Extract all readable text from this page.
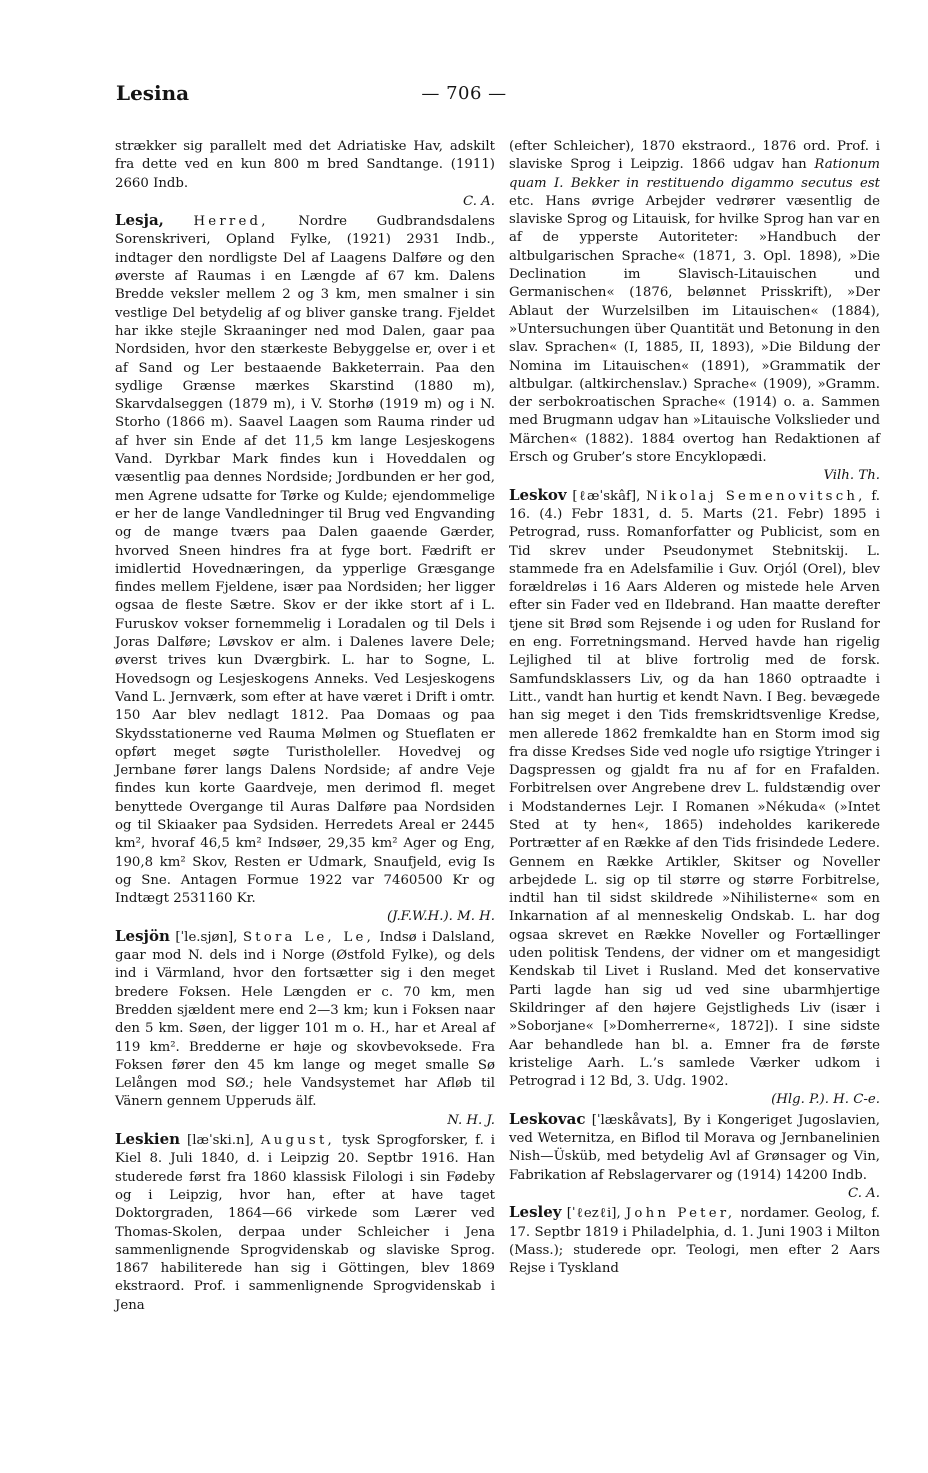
Lesina	— 706 —

strækker sig parallelt med det Adriatiske Hav, adskilt fra dette ved en kun 800 m bred Sandtange. (1911) 2660 Indb.
C. A.

Lesja, Herred, Nordre Gudbrandsdalens Sorenskriveri, Opland Fylke, (1921) 2931 Indb., indtager den nordligste Del af Laagens Dalføre og den øverste af Raumas i en Længde af 67 km. Dalens Bredde veksler mellem 2 og 3 km, men smalner i sin vestlige Del betydelig af og bliver ganske trang. Fjeldet har ikke stejle Skraaninger ned mod Dalen, gaar paa Nordsiden, hvor den stærkeste Bebyggelse er, over i et af Sand og Ler bestaaende Bakketerrain. Paa den sydlige Grænse mærkes Skarstind (1880 m), Skarvdalseggen (1879 m), i V. Storhø (1919 m) og i N. Storho (1866 m). Saavel Laagen som Rauma rinder ud af hver sin Ende af det 11,5 km lange Lesjeskogens Vand. Dyrkbar Mark findes kun i Hoveddalen og væsentlig paa dennes Nordside; Jordbunden er her god, men Agrene udsatte for Tørke og Kulde; ejendommelige er her de lange Vandledninger til Brug ved Engvanding og de mange tværs paa Dalen gaaende Gærder, hvorved Sneen hindres fra at fyge bort. Fædrift er imidlertid Hovednæringen, da ypperlige Græsgange findes mellem Fjeldene, især paa Nordsiden; her ligger ogsaa de fleste Sætre. Skov er der ikke stort af i L. Furuskov vokser fornemmelig i Loradalen og til Dels i Joras Dalføre; Løvskov er alm. i Dalenes lavere Dele; øverst trives kun Dværgbirk. L. har to Sogne, L. Hovedsogn og Lesjeskogens Anneks. Ved Lesjeskogens Vand L. Jernværk, som efter at have været i Drift i omtr. 150 Aar blev nedlagt 1812. Paa Domaas og paa Skydsstationerne ved Rauma Mølmen og Stueflaten er opført meget søgte Turistholeller. Hovedvej og Jernbane fører langs Dalens Nordside; af andre Veje findes kun korte Gaardveje, men derimod fl. meget benyttede Overgange til Auras Dalføre paa Nordsiden og til Skiaaker paa Sydsiden. Herredets Areal er 2445 km², hvoraf 46,5 km² Indsøer, 29,35 km² Ager og Eng, 190,8 km² Skov, Resten er Udmark, Snaufjeld, evig Is og Sne. Antagen Formue 1922 var 7460500 Kr og Indtægt 2531160 Kr.
(J.F.W.H.). M. H.

Lesjön [ˈle.sjøn], Stora Le, Le, Indsø i Dalsland, gaar mod N. dels ind i Norge (Østfold Fylke), og dels ind i Värmland, hvor den fortsætter sig i den meget bredere Foksen. Hele Længden er c. 70 km, men Bredden sjældent mere end 2—3 km; kun i Foksen naar den 5 km. Søen, der ligger 101 m o. H., har et Areal af 119 km². Bredderne er høje og skovbevoksede. Fra Foksen fører den 45 km lange og meget smalle Sø Lelången mod SØ.; hele Vandsystemet har Afløb til Vänern gennem Upperuds älf.
N. H. J.

Leskien [læˈski.n], August, tysk Sprogforsker, f. i Kiel 8. Juli 1840, d. i Leipzig 20. Septbr 1916. Han studerede først fra 1860 klassisk Filologi i sin Fødeby og i Leipzig, hvor han, efter at have taget Doktorgraden, 1864—66 virkede som Lærer ved Thomas-Skolen, derpaa under Schleicher i Jena sammenlignende Sprogvidenskab og slaviske Sprog. 1867 habiliterede han sig i Göttingen, blev 1869 ekstraord. Prof. i sammenlignende Sprogvidenskab i Jena

(efter Schleicher), 1870 ekstraord., 1876 ord. Prof. i slaviske Sprog i Leipzig. 1866 udgav han Rationum quam I. Bekker in restituendo digammo secutus est etc. Hans øvrige Arbejder vedrører væsentlig de slaviske Sprog og Litauisk, for hvilke Sprog han var en af de ypperste Autoriteter: »Handbuch der altbulgarischen Sprache« (1871, 3. Opl. 1898), »Die Declination im Slavisch-Litauischen und Germanischen« (1876, belønnet Prisskrift), »Der Ablaut der Wurzelsilben im Litauischen« (1884), »Untersuchungen über Quantität und Betonung in den slav. Sprachen« (I, 1885, II, 1893), »Die Bildung der Nomina im Litauischen« (1891), »Grammatik der altbulgar. (altkirchenslav.) Sprache« (1909), »Gramm. der serbokroatischen Sprache« (1914) o. a. Sammen med Brugmann udgav han »Litauische Volkslieder und Märchen« (1882). 1884 overtog han Redaktionen af Ersch og Gruber’s store Encyklopædi.
Vilh. Th.

Leskov [ℓæˈskâf], Nikolaj Semenovitsch, f. 16. (4.) Febr 1831, d. 5. Marts (21. Febr) 1895 i Petrograd, russ. Romanforfatter og Publicist, som en Tid skrev under Pseudonymet Stebnitskij. L. stammede fra en Adelsfamilie i Guv. Orjól (Orel), blev forældreløs i 16 Aars Alderen og mistede hele Arven efter sin Fader ved en Ildebrand. Han maatte derefter tjene sit Brød som Rejsende i og uden for Rusland for en eng. Forretningsmand. Herved havde han rigelig Lejlighed til at blive fortrolig med de forsk. Samfundsklassers Liv, og da han 1860 optraadte i Litt., vandt han hurtig et kendt Navn. I Beg. bevægede han sig meget i den Tids fremskridtsvenlige Kredse, men allerede 1862 fremkaldte han en Storm imod sig fra disse Kredses Side ved nogle ufo rsigtige Ytringer i Dagspressen og gjaldt fra nu af for en Frafalden. Forbitrelsen over Angrebene drev L. fuldstændig over i Modstandernes Lejr. I Romanen »Nékuda« (»Intet Sted at ty hen«, 1865) indeholdes karikerede Portrætter af en Række af den Tids frisindede Ledere. Gennem en Række Artikler, Skitser og Noveller arbejdede L. sig op til større og større Forbitrelse, indtil han til sidst skildrede »Nihilisterne« som en Inkarnation af al menneskelig Ondskab. L. har dog ogsaa skrevet en Række Noveller og Fortællinger uden politisk Tendens, der vidner om et mangesidigt Kendskab til Livet i Rusland. Med det konservative Parti lagde han sig ud ved sine ubarmhjertige Skildringer af den højere Gejstligheds Liv (især i »Soborjane« [»Domherrerne«, 1872]). I sine sidste Aar behandlede han bl. a. Emner fra de første kristelige Aarh. L.’s samlede Værker udkom i Petrograd i 12 Bd, 3. Udg. 1902.
(Hlg. P.). H. C-e.

Leskovac [ˈlæskåvats], By i Kongeriget Jugoslavien, ved Weternitza, en Biflod til Morava og Jernbanelinien Nish—Üsküb, med betydelig Avl af Grønsager og Vin, Fabrikation af Rebslagervarer og (1914) 14200 Indb.
C. A.

Lesley [ˈℓezℓi], John Peter, nordamer. Geolog, f. 17. Septbr 1819 i Philadelphia, d. 1. Juni 1903 i Milton (Mass.); studerede opr. Teologi, men efter 2 Aars Rejse i Tyskland
